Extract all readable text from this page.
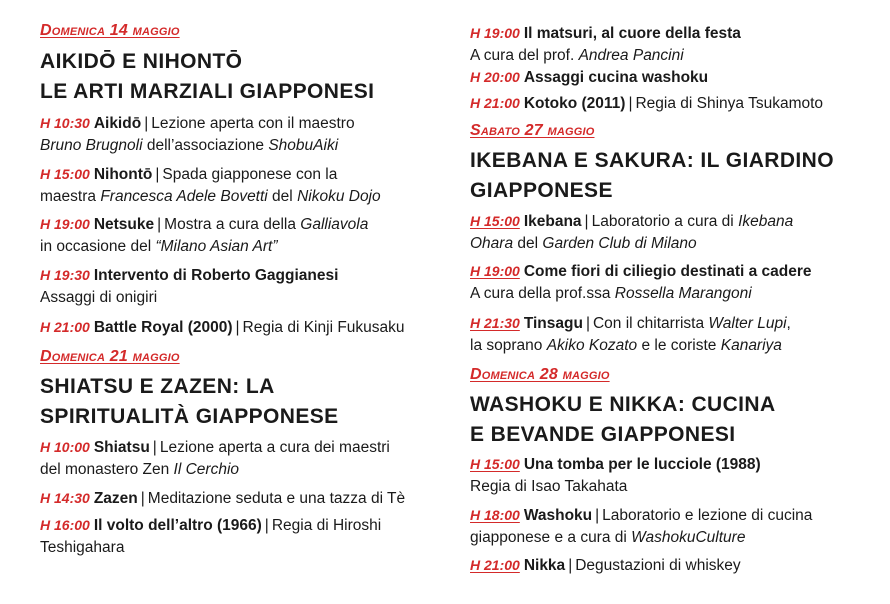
Domenica 14 maggio
AIKIDŌ E NIHONTŌ
LE ARTI MARZIALI GIAPPONESI
H 10:30 Aikidō | Lezione aperta con il maestro
Bruno Brugnoli dell’associazione ShobuAiki
H 15:00 Nihontō | Spada giapponese con la
maestra Francesca Adele Bovetti del Nikoku Dojo
H 19:00 Netsuke | Mostra a cura della Galliavola
in occasione del “Milano Asian Art”
H 19:30 Intervento di Roberto Gaggianesi
Assaggi di onigiri
H 21:00 Battle Royal (2000) | Regia di Kinji Fukusaku
Domenica 21 maggio
SHIATSU E ZAZEN: LA
SPIRITUALITÀ GIAPPONESE
H 10:00 Shiatsu | Lezione aperta a cura dei maestri
del monastero Zen Il Cerchio
H 14:30 Zazen | Meditazione seduta e una tazza di Tè
H 16:00 Il volto dell’altro (1966) | Regia di Hiroshi
Teshigahara
H 19:00 Il matsuri, al cuore della festa
A cura del prof. Andrea Pancini
H 20:00 Assaggi cucina washoku
H 21:00 Kotoko (2011) | Regia di Shinya Tsukamoto
Sabato 27 maggio
IKEBANA E SAKURA: IL GIARDINO
GIAPPONESE
H 15:00 Ikebana | Laboratorio a cura di Ikebana
Ohara del Garden Club di Milano
H 19:00 Come fiori di ciliegio destinati a cadere
A cura della prof.ssa Rossella Marangoni
H 21:30 Tinsagu | Con il chitarrista Walter Lupi,
la soprano Akiko Kozato e le coriste Kanariya
Domenica 28 maggio
WASHOKU E NIKKA: CUCINA
E BEVANDE GIAPPONESI
H 15:00 Una tomba per le lucciole (1988)
Regia di Isao Takahata
H 18:00 Washoku | Laboratorio e lezione di cucina
giapponese e a cura di WashokuCulture
H 21:00 Nikka | Degustazioni di whiskey
